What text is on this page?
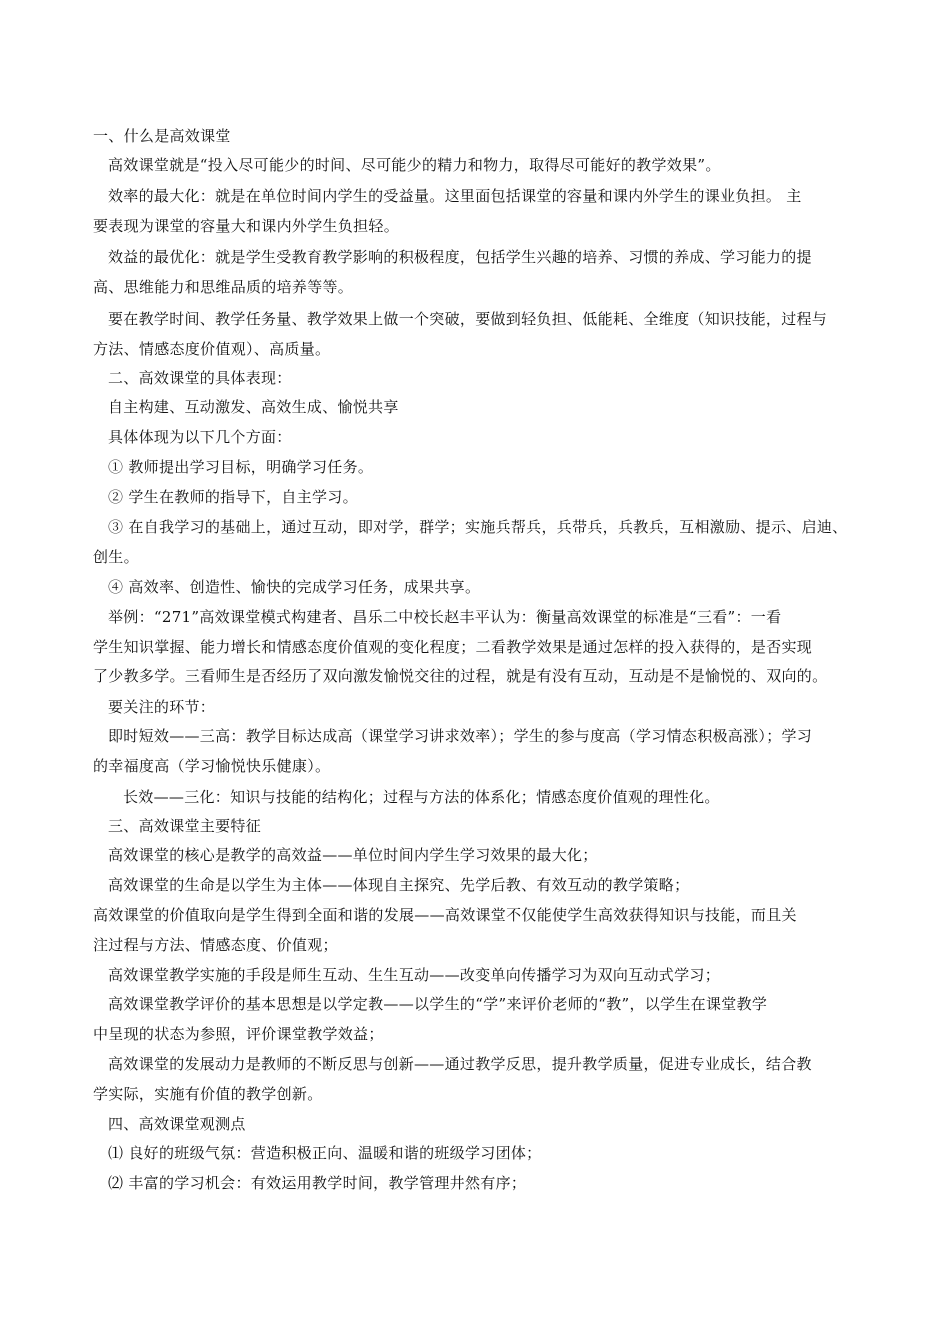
一、什么是高效课堂
高效课堂就是“投入尽可能少的时间、尽可能少的精力和物力，取得尽可能好的教学效果”。
效率的最大化：就是在单位时间内学生的受益量。这里面包括课堂的容量和课内外学生的课业负担。 主
要表现为课堂的容量大和课内外学生负担轻。
效益的最优化：就是学生受教育教学影响的积极程度，包括学生兴趣的培养、习惯的养成、学习能力的提
高、思维能力和思维品质的培养等等。
要在教学时间、教学任务量、教学效果上做一个突破，要做到轻负担、低能耗、全维度（知识技能，过程与
方法、情感态度价值观）、高质量。
二、高效课堂的具体表现：
自主构建、互动激发、高效生成、愉悦共享
具体体现为以下几个方面：
① 教师提出学习目标，明确学习任务。
② 学生在教师的指导下，自主学习。
③ 在自我学习的基础上，通过互动，即对学，群学；实施兵帮兵，兵带兵，兵教兵，互相激励、提示、启迪、
创生。
④ 高效率、创造性、愉快的完成学习任务，成果共享。
举例：“271”高效课堂模式构建者、昌乐二中校长赵丰平认为：衡量高效课堂的标准是“三看”：一看
学生知识掌握、能力增长和情感态度价值观的变化程度；二看教学效果是通过怎样的投入获得的，是否实现
了少教多学。三看师生是否经历了双向激发愉悦交往的过程，就是有没有互动，互动是不是愉悦的、双向的。
要关注的环节：
即时短效——三高：教学目标达成高（课堂学习讲求效率）；学生的参与度高（学习情态积极高涨）；学习
的幸福度高（学习愉悦快乐健康）。
长效——三化：知识与技能的结构化；过程与方法的体系化；情感态度价值观的理性化。
三、高效课堂主要特征
高效课堂的核心是教学的高效益——单位时间内学生学习效果的最大化；
高效课堂的生命是以学生为主体——体现自主探究、先学后教、有效互动的教学策略；
高效课堂的价值取向是学生得到全面和谐的发展——高效课堂不仅能使学生高效获得知识与技能，而且关
注过程与方法、情感态度、价值观；
高效课堂教学实施的手段是师生互动、生生互动——改变单向传播学习为双向互动式学习；
高效课堂教学评价的基本思想是以学定教——以学生的“学”来评价老师的“教”，以学生在课堂教学
中呈现的状态为参照，评价课堂教学效益；
高效课堂的发展动力是教师的不断反思与创新——通过教学反思，提升教学质量，促进专业成长，结合教
学实际，实施有价值的教学创新。
四、高效课堂观测点
⑴ 良好的班级气氛：营造积极正向、温暖和谐的班级学习团体；
⑵ 丰富的学习机会：有效运用教学时间，教学管理井然有序；
